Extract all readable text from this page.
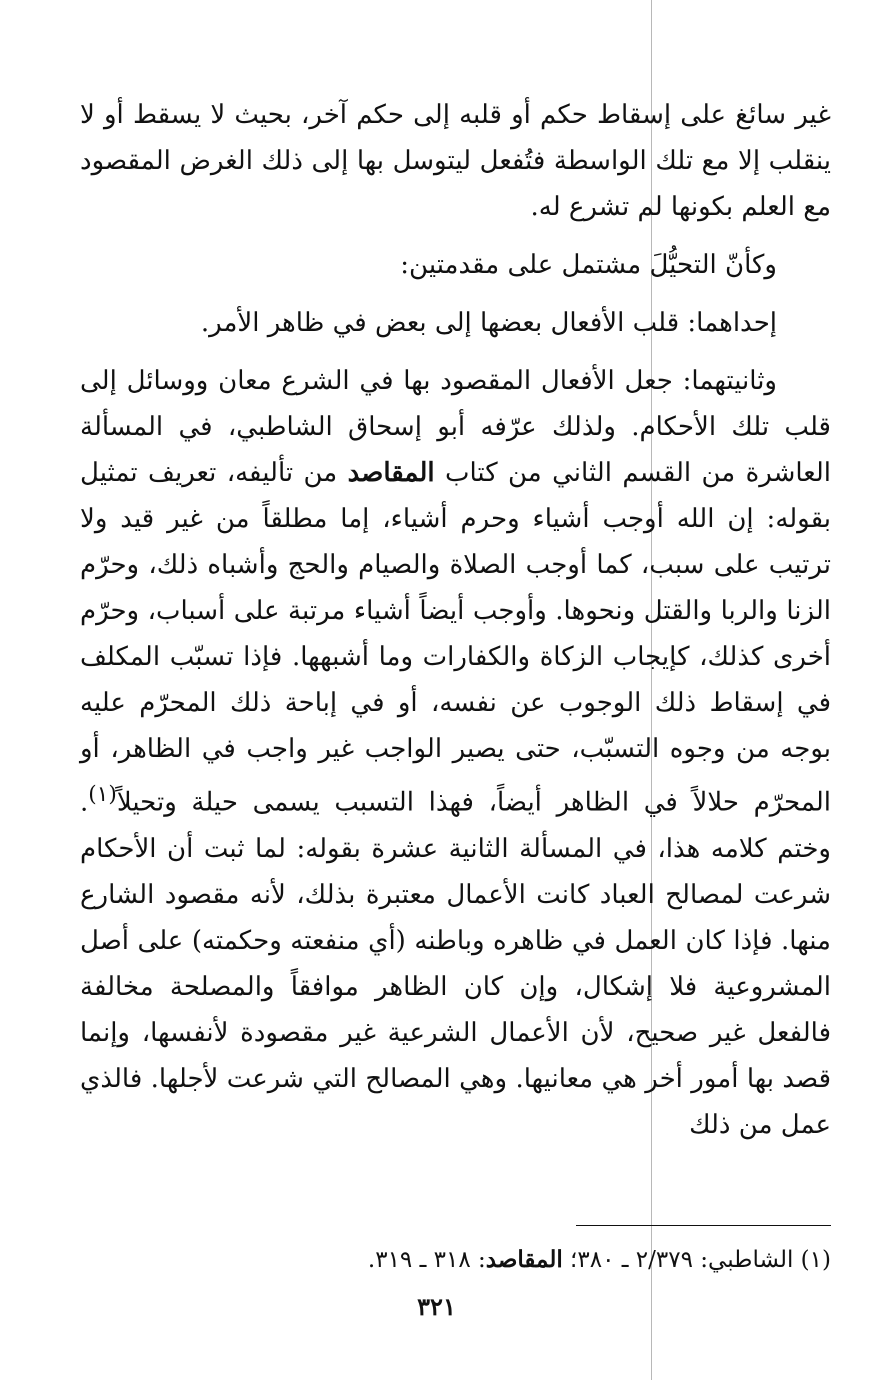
غير سائغ على إسقاط حكم أو قلبه إلى حكم آخر، بحيث لا يسقط أو لا ينقلب إلا مع تلك الواسطة فتُفعل ليتوسل بها إلى ذلك الغرض المقصود مع العلم بكونها لم تشرع له.

وكأنّ التحيُّلَ مشتمل على مقدمتين:

إحداهما: قلب الأفعال بعضها إلى بعض في ظاهر الأمر.

وثانيتهما: جعل الأفعال المقصود بها في الشرع معان ووسائل إلى قلب تلك الأحكام. ولذلك عرّفه أبو إسحاق الشاطبي، في المسألة العاشرة من القسم الثاني من كتاب المقاصد من تأليفه، تعريف تمثيل بقوله: إن الله أوجب أشياء وحرم أشياء، إما مطلقاً من غير قيد ولا ترتيب على سبب، كما أوجب الصلاة والصيام والحج وأشباه ذلك، وحرّم الزنا والربا والقتل ونحوها. وأوجب أيضاً أشياء مرتبة على أسباب، وحرّم أخرى كذلك، كإيجاب الزكاة والكفارات وما أشبهها. فإذا تسبّب المكلف في إسقاط ذلك الوجوب عن نفسه، أو في إباحة ذلك المحرّم عليه بوجه من وجوه التسبّب، حتى يصير الواجب غير واجب في الظاهر، أو المحرّم حلالاً في الظاهر أيضاً، فهذا التسبب يسمى حيلة وتحيلاً$^{(١)}$. وختم كلامه هذا، في المسألة الثانية عشرة بقوله: لما ثبت أن الأحكام شرعت لمصالح العباد كانت الأعمال معتبرة بذلك، لأنه مقصود الشارع منها. فإذا كان العمل في ظاهره وباطنه (أي منفعته وحكمته) على أصل المشروعية فلا إشكال، وإن كان الظاهر موافقاً والمصلحة مخالفة فالفعل غير صحيح، لأن الأعمال الشرعية غير مقصودة لأنفسها، وإنما قصد بها أمور أخر هي معانيها. وهي المصالح التي شرعت لأجلها. فالذي عمل من ذلك

(١) الشاطبي: ٢/٣٧٩ ـ ٣٨٠؛ المقاصد: ٣١٨ ـ ٣١٩.

٣٢١
